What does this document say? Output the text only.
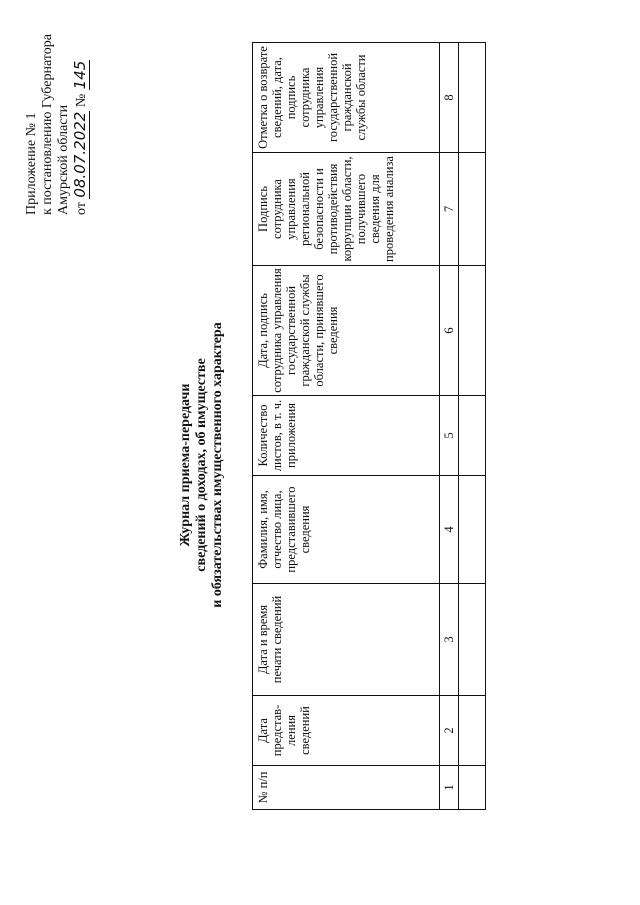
Приложение № 1 к постановлению Губернатора Амурской области от 08.07.2022 № 145
Журнал приема-передачи сведений о доходах, об имуществе и обязательствах имущественного характера
№ п/п	Дата представ-ления сведений	Дата и время печати сведений	Фамилия, имя, отчество лица, представившего сведения	Количество листов, в т. ч. приложения	Дата, подпись сотрудника управления государственной гражданской службы области, принявшего сведения	Подпись сотрудника управления региональной безопасности и противодействия коррупции области, получившего сведения для проведения анализа	Отметка о возврате сведений, дата, подпись сотрудника управления государственной гражданской службы области
1	2	3	4	5	6	7	8
